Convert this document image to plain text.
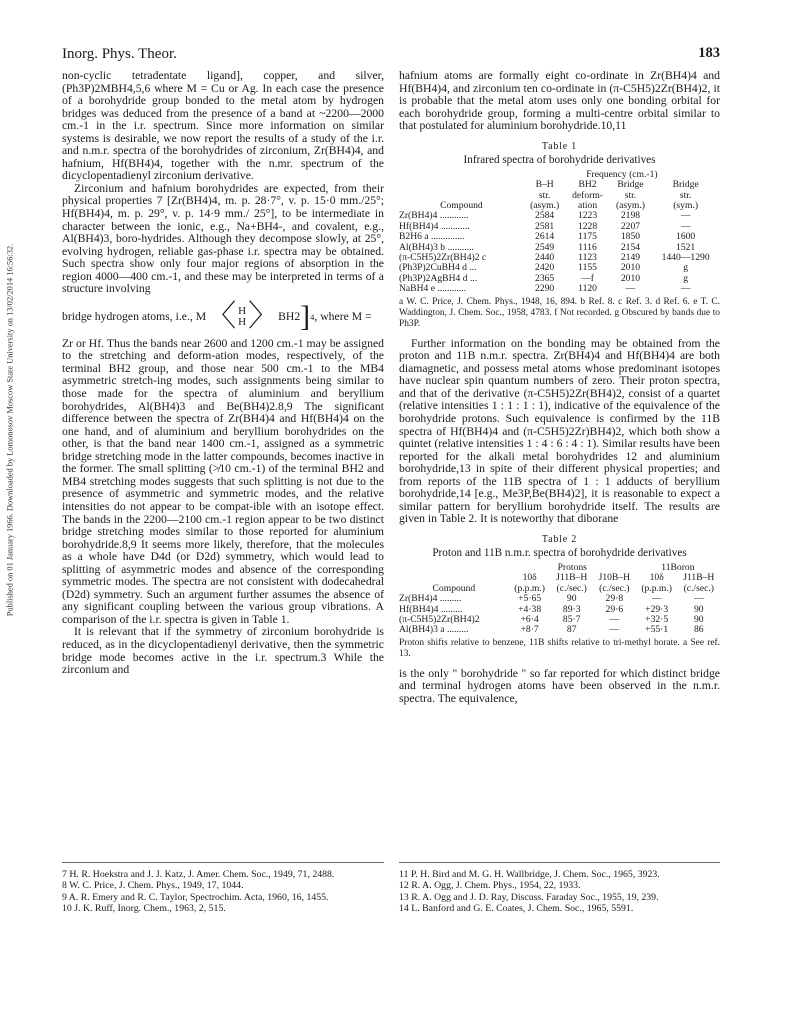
Published on 01 January 1966. Downloaded by Lomonosov Moscow State University on 13/02/2014 16:56:32.
Inorg. Phys. Theor.	183

non-cyclic tetradentate ligand], copper, and silver, (Ph3P)2MBH4,5,6 where M = Cu or Ag. In each case the presence of a borohydride group bonded to the metal atom by hydrogen bridges was deduced from the presence of a band at ~2200—2000 cm.-1 in the i.r. spectrum. Since more information on similar systems is desirable, we now report the results of a study of the i.r. and n.m.r. spectra of the borohydrides of zirconium, Zr(BH4)4, and hafnium, Hf(BH4)4, together with the n.mr. spectrum of the dicyclopentadienyl zirconium derivative.

Zirconium and hafnium borohydrides are expected, from their physical properties 7 [Zr(BH4)4, m. p. 28·7°, v. p. 15·0 mm./25°; Hf(BH4)4, m. p. 29°, v. p. 14·9 mm./ 25°], to be intermediate in character between the ionic, e.g., Na+BH4-, and covalent, e.g., Al(BH4)3, boro-hydrides. Although they decompose slowly, at 25°, evolving hydrogen, reliable gas-phase i.r. spectra may be obtained. Such spectra show only four major regions of absorption in the region 4000—400 cm.-1, and these may be interpreted in terms of a structure involving

bridge hydrogen atoms, i.e., M 〈 H
H 〉 BH2 ] 4 , where M =

Zr or Hf. Thus the bands near 2600 and 1200 cm.-1 may be assigned to the stretching and deform-ation modes, respectively, of the terminal BH2 group, and those near 500 cm.-1 to the MB4 asymmetric stretch-ing modes, such assignments being similar to those made for the spectra of aluminium and beryllium borohydrides, Al(BH4)3 and Be(BH4)2.8,9 The significant difference between the spectra of Zr(BH4)4 and Hf(BH4)4 on the one hand, and of aluminium and beryllium borohydrides on the other, is that the band near 1400 cm.-1, assigned as a symmetric bridge stretching mode in the latter compounds, becomes inactive in the former. The small splitting (≯10 cm.-1) of the terminal BH2 and MB4 stretching modes suggests that such splitting is not due to the presence of asymmetric and symmetric modes, and the relative intensities do not appear to be compat-ible with an isotope effect. The bands in the 2200—2100 cm.-1 region appear to be two distinct bridge stretching modes similar to those reported for aluminium borohydride.8,9 It seems more likely, therefore, that the molecules as a whole have D4d (or D2d) symmetry, which would lead to splitting of asymmetric modes and absence of the corresponding symmetric modes. The spectra are not consistent with dodecahedral (D2d) symmetry. Such an argument further assumes the absence of any significant coupling between the various group vibrations. A comparison of the i.r. spectra is given in Table 1.

It is relevant that if the symmetry of zirconium borohydride is reduced, as in the dicyclopentadienyl derivative, then the symmetric bridge mode becomes active in the i.r. spectrum.3 While the zirconium and

hafnium atoms are formally eight co-ordinate in Zr(BH4)4 and Hf(BH4)4, and zirconium ten co-ordinate in (π-C5H5)2Zr(BH4)2, it is probable that the metal atom uses only one bonding orbital for each borohydride group, forming a multi-centre orbital similar to that postulated for aluminium borohydride.10,11

Table 1
Infrared spectra of borohydride derivatives
	Frequency (cm.-1)			
	B–H	BH2	Bridge	Bridge
	str.	deform-	str.	str.
Compound	(asym.)	ation	(asym.)	(sym.)
Zr(BH4)4 ............	2584	1223	2198	—
Hf(BH4)4 ............	2581	1228	2207	—
B2H6 a ..............	2614	1175	1850	1600
Al(BH4)3 b ...........	2549	1116	2154	1521
(π-C5H5)2Zr(BH4)2 c	2440	1123	2149	1440—1290
(Ph3P)2CuBH4 d ...	2420	1155	2010	g
(Ph3P)2AgBH4 d ...	2365	—f	2010	g
NaBH4 e ............	2290	1120	—	—
a W. C. Price, J. Chem. Phys., 1948, 16, 894. b Ref. 8. c Ref. 3. d Ref. 6. e T. C. Waddington, J. Chem. Soc., 1958, 4783. f Not recorded. g Obscured by bands due to Ph3P.

Further information on the bonding may be obtained from the proton and 11B n.m.r. spectra. Zr(BH4)4 and Hf(BH4)4 are both diamagnetic, and possess metal atoms whose predominant isotopes have nuclear spin quantum numbers of zero. Their proton spectra, and that of the derivative (π-C5H5)2Zr(BH4)2, consist of a quartet (relative intensities 1 : 1 : 1 : 1), indicative of the equivalence of the borohydride protons. Such equivalence is confirmed by the 11B spectra of Hf(BH4)4 and (π-C5H5)2Zr)BH4)2, which both show a quintet (relative intensities 1 : 4 : 6 : 4 : 1). Similar results have been reported for the alkali metal borohydrides 12 and aluminium borohydride,13 in spite of their different physical properties; and from reports of the 11B spectra of 1 : 1 adducts of beryllium borohydride,14 [e.g., Me3P,Be(BH4)2], it is reasonable to expect a similar pattern for beryllium borohydride itself. The results are given in Table 2. It is noteworthy that diborane

Table 2
Proton and 11B n.m.r. spectra of borohydride derivatives
	Protons			11Boron	
	10δ	J11B–H	J10B–H	10δ	J11B–H
Compound	(p.p.m.)	(c./sec.)	(c./sec.)	(p.p.m.)	(c./sec.)
Zr(BH4)4 .........	+5·65	90	29·8	—	—
Hf(BH4)4 .........	+4·38	89·3	29·6	+29·3	90
(π-C5H5)2Zr(BH4)2	+6·4	85·7	—	+32·5	90
Al(BH4)3 a .........	+8·7	87	—	+55·1	86
Proton shifts relative to benzene, 11B shifts relative to tri-methyl borate. a See ref. 13.

is the only " borohydride " so far reported for which distinct bridge and terminal hydrogen atoms have been observed in the n.m.r. spectra. The equivalence,

7 H. R. Hoekstra and J. J. Katz, J. Amer. Chem. Soc., 1949, 71, 2488.

8 W. C. Price, J. Chem. Phys., 1949, 17, 1044.

9 A. R. Emery and R. C. Taylor, Spectrochim. Acta, 1960, 16, 1455.

10 J. K. Ruff, Inorg. Chem., 1963, 2, 515.

11 P. H. Bird and M. G. H. Wallbridge, J. Chem. Soc., 1965, 3923.

12 R. A. Ogg, J. Chem. Phys., 1954, 22, 1933.

13 R. A. Ogg and J. D. Ray, Discuss. Faraday Soc., 1955, 19, 239.

14 L. Banford and G. E. Coates, J. Chem. Soc., 1965, 5591.
